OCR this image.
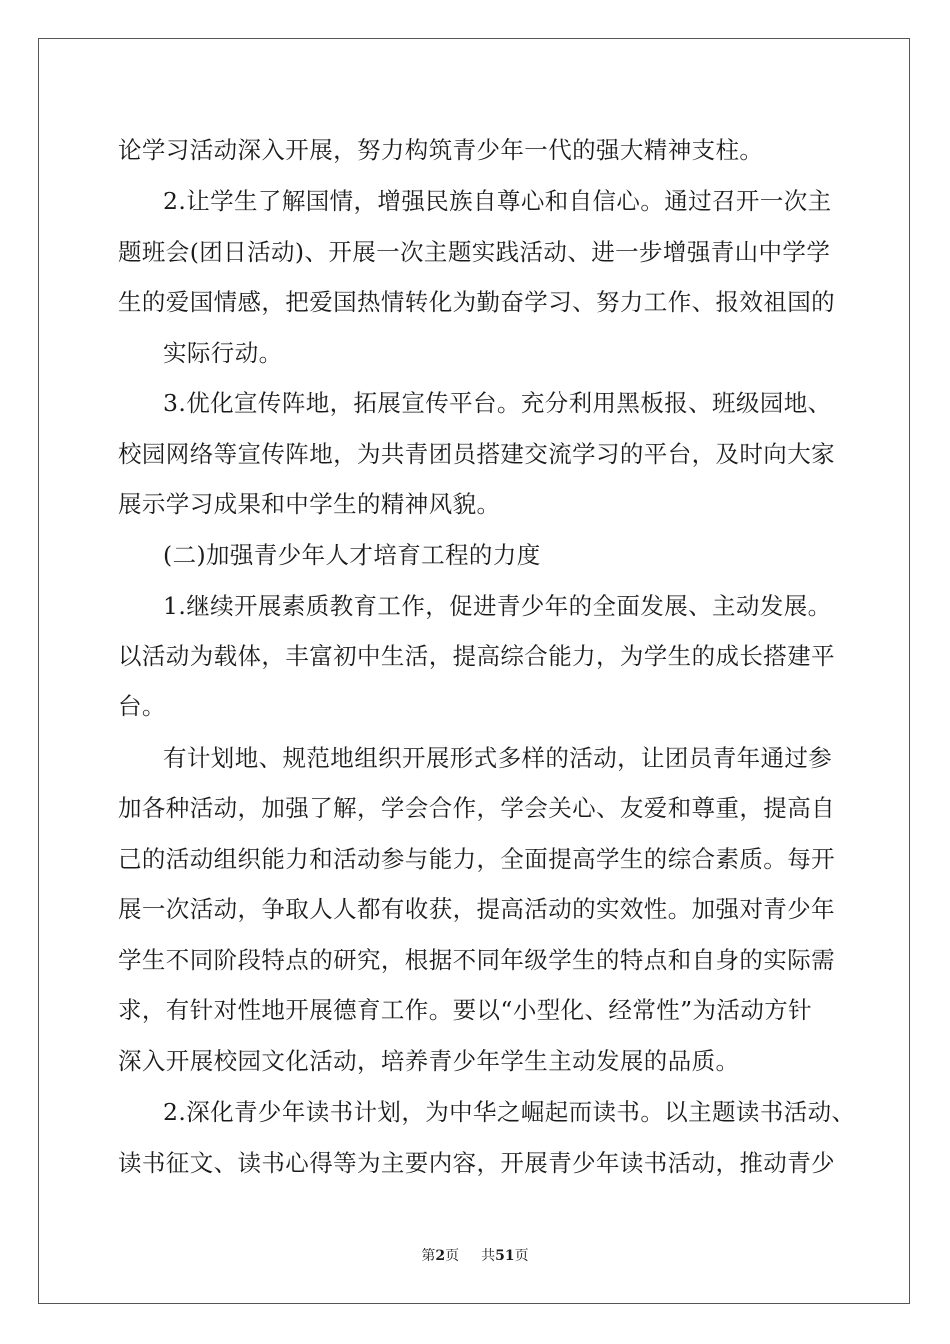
论学习活动深入开展，努力构筑青少年一代的强大精神支柱。
2.让学生了解国情，增强民族自尊心和自信心。通过召开一次主
题班会(团日活动)、开展一次主题实践活动、进一步增强青山中学学
生的爱国情感，把爱国热情转化为勤奋学习、努力工作、报效祖国的
实际行动。
3.优化宣传阵地，拓展宣传平台。充分利用黑板报、班级园地、
校园网络等宣传阵地，为共青团员搭建交流学习的平台，及时向大家
展示学习成果和中学生的精神风貌。
(二)加强青少年人才培育工程的力度
1.继续开展素质教育工作，促进青少年的全面发展、主动发展。
以活动为载体，丰富初中生活，提高综合能力，为学生的成长搭建平
台。
有计划地、规范地组织开展形式多样的活动，让团员青年通过参
加各种活动，加强了解，学会合作，学会关心、友爱和尊重，提高自
己的活动组织能力和活动参与能力，全面提高学生的综合素质。每开
展一次活动，争取人人都有收获，提高活动的实效性。加强对青少年
学生不同阶段特点的研究，根据不同年级学生的特点和自身的实际需
求，有针对性地开展德育工作。要以“小型化、经常性”为活动方针
深入开展校园文化活动，培养青少年学生主动发展的品质。
2.深化青少年读书计划，为中华之崛起而读书。以主题读书活动、
读书征文、读书心得等为主要内容，开展青少年读书活动，推动青少
第2页 共51页
